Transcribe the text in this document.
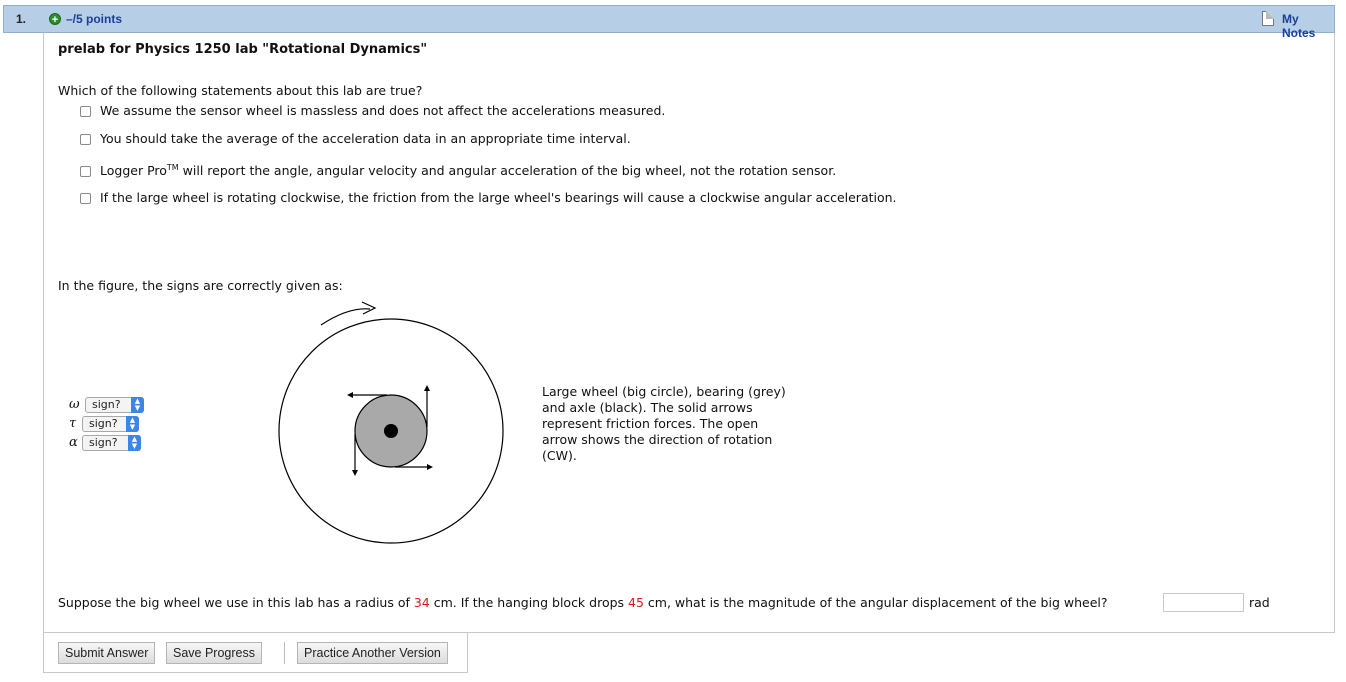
1. + –/5 points	My Notes
prelab for Physics 1250 lab "Rotational Dynamics"
Which of the following statements about this lab are true?
We assume the sensor wheel is massless and does not affect the accelerations measured.
You should take the average of the acceleration data in an appropriate time interval.
Logger Pro™ will report the angle, angular velocity and angular acceleration of the big wheel, not the rotation sensor.
If the large wheel is rotating clockwise, the friction from the large wheel's bearings will cause a clockwise angular acceleration.
In the figure, the signs are correctly given as:
ω	sign?	▲
▼
τ	sign?	▲
▼
α	sign?	▲
▼
Large wheel (big circle), bearing (grey) and axle (black). The solid arrows represent friction forces. The open arrow shows the direction of rotation (CW).
Suppose the big wheel we use in this lab has a radius of 34 cm. If the hanging block drops 45 cm, what is the magnitude of the angular displacement of the big wheel?	rad
Submit Answer	Save Progress	Practice Another Version
